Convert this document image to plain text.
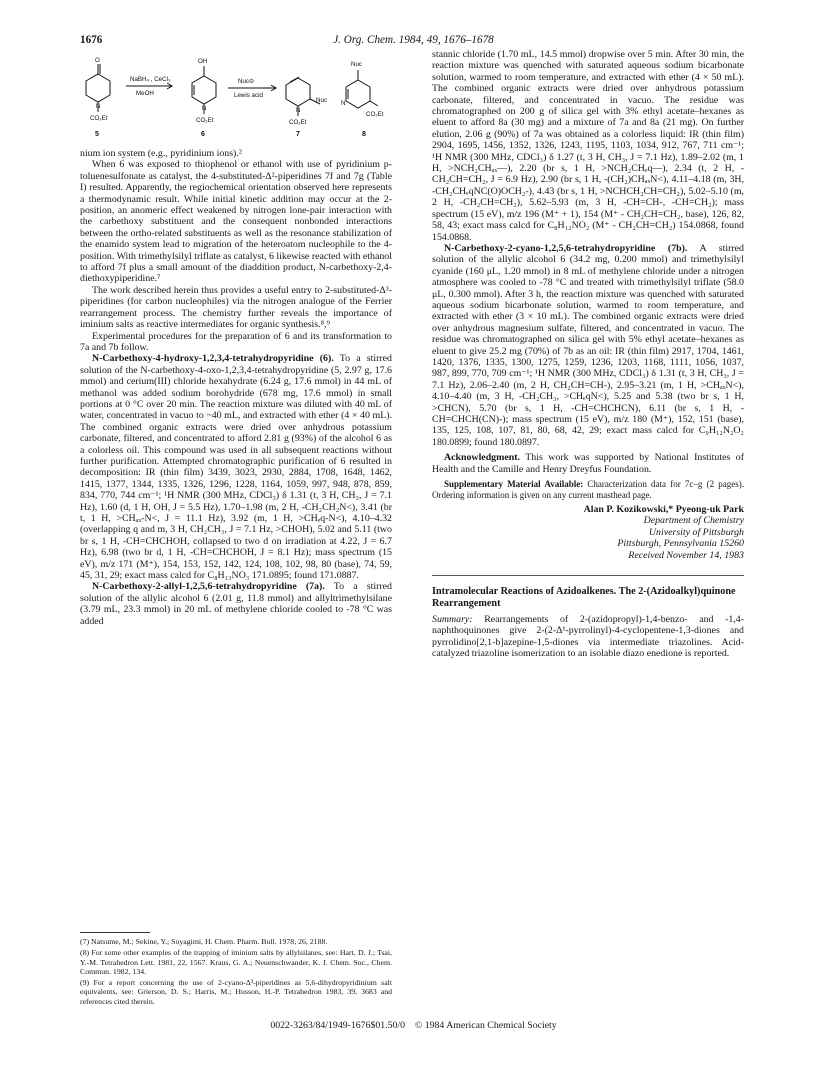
1676	J. Org. Chem. 1984, 49, 1676–1678
O
N
CO₂Et
NaBH₄ , CeCl₃
MeOH
OH
N
CO₂Et
Nuc⊖
Lewis acid
N
Nuc
CO₂Et
Nuc
CO₂Et
N
5	6	7	8

nium ion system (e.g., pyridinium ions).²

When 6 was exposed to thiophenol or ethanol with use of pyridinium p-toluenesulfonate as catalyst, the 4-substituted-Δ²-piperidines 7f and 7g (Table I) resulted. Apparently, the regiochemical orientation observed here represents a thermodynamic result. While initial kinetic addition may occur at the 2-position, an anomeric effect weakened by nitrogen lone-pair interaction with the carbethoxy substituent and the consequent nonbonded interactions between the ortho-related substituents as well as the resonance stabilization of the enamido system lead to migration of the heteroatom nucleophile to the 4-position. With trimethylsilyl triflate as catalyst, 6 likewise reacted with ethanol to afford 7f plus a small amount of the diaddition product, N-carbethoxy-2,4-diethoxypiperidine.⁷

The work described herein thus provides a useful entry to 2-substituted-Δ³-piperidines (for carbon nucleophiles) via the nitrogen analogue of the Ferrier rearrangement process. The chemistry further reveals the importance of iminium salts as reactive intermediates for organic synthesis.⁸,⁹

Experimental procedures for the preparation of 6 and its transformation to 7a and 7b follow.

N-Carbethoxy-4-hydroxy-1,2,3,4-tetrahydropyridine (6). To a stirred solution of the N-carbethoxy-4-oxo-1,2,3,4-tetrahydropyridine (5, 2.97 g, 17.6 mmol) and cerium(III) chloride hexahydrate (6.24 g, 17.6 mmol) in 44 mL of methanol was added sodium borohydride (678 mg, 17.6 mmol) in small portions at 0 °C over 20 min. The reaction mixture was diluted with 40 mL of water, concentrated in vacuo to ~40 mL, and extracted with ether (4 × 40 mL). The combined organic extracts were dried over anhydrous potassium carbonate, filtered, and concentrated to afford 2.81 g (93%) of the alcohol 6 as a colorless oil. This compound was used in all subsequent reactions without further purification. Attempted chromatographic purification of 6 resulted in decomposition: IR (thin film) 3439, 3023, 2930, 2884, 1708, 1648, 1462, 1415, 1377, 1344, 1335, 1326, 1296, 1228, 1164, 1059, 997, 948, 878, 859, 834, 770, 744 cm⁻¹; ¹H NMR (300 MHz, CDCl₃) δ 1.31 (t, 3 H, CH₃, J = 7.1 Hz), 1.60 (d, 1 H, OH, J = 5.5 Hz), 1.70–1.98 (m, 2 H, -CH₂CH₂N<), 3.41 (br t, 1 H, >CHₐₓ-N<, J = 11.1 Hz), 3.92 (m, 1 H, >CHₑq-N<), 4.10–4.32 (overlapping q and m, 3 H, CH₂CH₃, J = 7.1 Hz, >CHOH), 5.02 and 5.11 (two br s, 1 H, -CH=CHCHOH, collapsed to two d on irradiation at 4.22, J = 6.7 Hz), 6.98 (two br d, 1 H, -CH=CHCHOH, J = 8.1 Hz); mass spectrum (15 eV), m/z 171 (M⁺), 154, 153, 152, 142, 124, 108, 102, 98, 80 (base), 74, 59, 45, 31, 29; exact mass calcd for C₈H₁₃NO₃ 171.0895; found 171.0887.

N-Carbethoxy-2-allyl-1,2,5,6-tetrahydropyridine (7a). To a stirred solution of the allylic alcohol 6 (2.01 g, 11.8 mmol) and allyltrimethylsilane (3.79 mL, 23.3 mmol) in 20 mL of methylene chloride cooled to -78 °C was added

(7) Natsume, M.; Sekine, Y.; Soyagimi, H. Chem. Pharm. Bull. 1978, 26, 2188.

(8) For some other examples of the trapping of iminium salts by allylsilanes, see: Hart, D. J.; Tsai, Y.-M. Tetrahedron Lett. 1981, 22, 1567. Kraus, G. A.; Neuenschwander, K. J. Chem. Soc., Chem. Commun. 1982, 134.

(9) For a report concerning the use of 2-cyano-Δ³-piperidines as 5,6-dihydropyridinium salt equivalents, see: Grierson, D. S.; Harris, M.; Husson, H.-P. Tetrahedron 1983, 39, 3683 and references cited therein.

stannic chloride (1.70 mL, 14.5 mmol) dropwise over 5 min. After 30 min, the reaction mixture was quenched with saturated aqueous sodium bicarbonate solution, warmed to room temperature, and extracted with ether (4 × 50 mL). The combined organic extracts were dried over anhydrous potassium carbonate, filtered, and concentrated in vacuo. The residue was chromatographed on 200 g of silica gel with 3% ethyl acetate–hexanes as eluent to afford 8a (30 mg) and a mixture of 7a and 8a (21 mg). On further elution, 2.06 g (90%) of 7a was obtained as a colorless liquid: IR (thin film) 2904, 1695, 1456, 1352, 1326, 1243, 1195, 1103, 1034, 912, 767, 711 cm⁻¹; ¹H NMR (300 MHz, CDCl₃) δ 1.27 (t, 3 H, CH₃, J = 7.1 Hz), 1.89–2.02 (m, 1 H, >NCH₂CHₐₓ—), 2.20 (br s, 1 H, >NCH₂CHₑq—), 2.34 (t, 2 H, -CH₂CH=CH₂, J = 6.9 Hz), 2.90 (br s, 1 H, -(CH₂)CHₐₓN<), 4.11–4.18 (m, 3H, -CH₂CHₑqNC(O)OCH₂-), 4.43 (br s, 1 H, >NCHCH₂CH=CH₂), 5.02–5.10 (m, 2 H, -CH₂CH=CH₂), 5.62–5.93 (m, 3 H, -CH=CH-, -CH=CH₂); mass spectrum (15 eV), m/z 196 (M⁺ + 1), 154 (M⁺ - CH₂CH=CH₂, base), 126, 82, 58, 43; exact mass calcd for C₈H₁₂NO₂ (M⁺ - CH₂CH=CH₂) 154.0868, found 154.0868.

N-Carbethoxy-2-cyano-1,2,5,6-tetrahydropyridine (7b). A stirred solution of the allylic alcohol 6 (34.2 mg, 0.200 mmol) and trimethylsilyl cyanide (160 μL, 1.20 mmol) in 8 mL of methylene chloride under a nitrogen atmosphere was cooled to -78 °C and treated with trimethylsilyl triflate (58.0 μL, 0.300 mmol). After 3 h, the reaction mixture was quenched with saturated aqueous sodium bicarbonate solution, warmed to room temperature, and extracted with ether (3 × 10 mL). The combined organic extracts were dried over anhydrous magnesium sulfate, filtered, and concentrated in vacuo. The residue was chromatographed on silica gel with 5% ethyl acetate–hexanes as eluent to give 25.2 mg (70%) of 7b as an oil: IR (thin film) 2917, 1704, 1461, 1420, 1376, 1335, 1300, 1275, 1259, 1236, 1203, 1168, 1111, 1056, 1037, 987, 899, 770, 709 cm⁻¹; ¹H NMR (300 MHz, CDCl₃) δ 1.31 (t, 3 H, CH₃, J = 7.1 Hz), 2.06–2.40 (m, 2 H, CH₂CH=CH-), 2.95–3.21 (m, 1 H, >CHₐₓN<), 4.10–4.40 (m, 3 H, -CH₂CH₃, >CHₑqN<), 5.25 and 5.38 (two br s, 1 H, >CHCN), 5.70 (br s, 1 H, -CH=CHCHCN), 6.11 (br s, 1 H, -CH=CHCH(CN)-); mass spectrum (15 eV), m/z 180 (M⁺), 152, 151 (base), 135, 125, 108, 107, 81, 80, 68, 42, 29; exact mass calcd for C₉H₁₂N₂O₂ 180.0899; found 180.0897.

Acknowledgment. This work was supported by National Institutes of Health and the Camille and Henry Dreyfus Foundation.

Supplementary Material Available: Characterization data for 7c–g (2 pages). Ordering information is given on any current masthead page.

Alan P. Kozikowski,* Pyeong-uk Park
Department of Chemistry
University of Pittsburgh
Pittsburgh, Pennsylvania 15260
Received November 14, 1983
Intramolecular Reactions of Azidoalkenes. The 2-(Azidoalkyl)quinone Rearrangement

Summary: Rearrangements of 2-(azidopropyl)-1,4-benzo- and -1,4-naphthoquinones give 2-(2-Δ¹-pyrrolinyl)-4-cyclopentene-1,3-diones and pyrrolidino[2,1-b]azepine-1,5-diones via intermediate triazolines. Acid-catalyzed triazoline isomerization to an isolable diazo enedione is reported.

0022-3263/84/1949-1676$01.50/0    © 1984 American Chemical Society
